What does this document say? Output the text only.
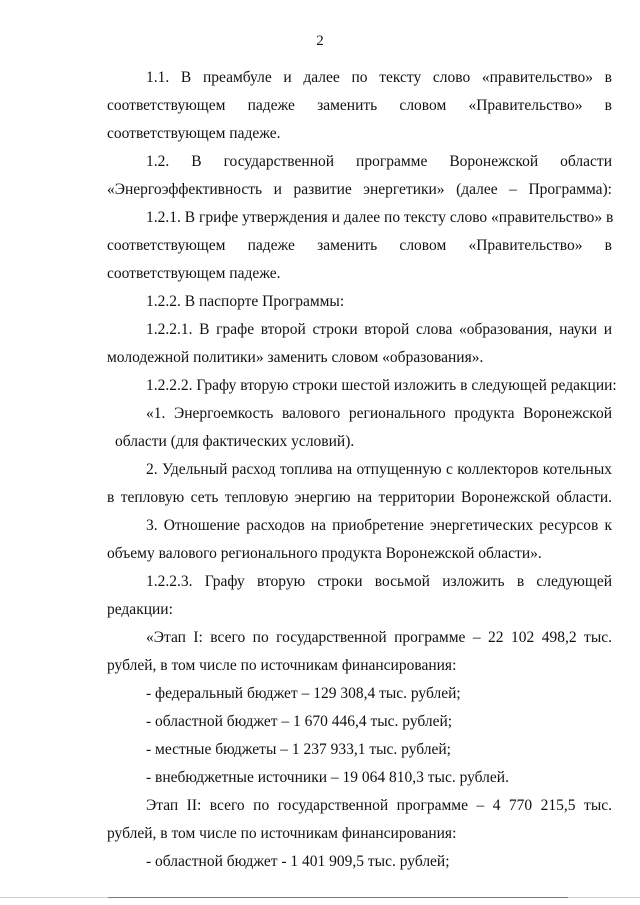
2
1.1. В преамбуле и далее по тексту слово «правительство» в
соответствующем падеже заменить словом «Правительство» в
соответствующем падеже.
1.2. В государственной программе Воронежской области
«Энергоэффективность и развитие энергетики» (далее – Программа):
1.2.1. В грифе утверждения и далее по тексту слово «правительство» в
соответствующем падеже заменить словом «Правительство» в
соответствующем падеже.
1.2.2. В паспорте Программы:
1.2.2.1. В графе второй строки второй слова «образования, науки и
молодежной политики» заменить словом «образования».
1.2.2.2. Графу вторую строки шестой изложить в следующей редакции:
«1. Энергоемкость валового регионального продукта Воронежской
области (для фактических условий).
2. Удельный расход топлива на отпущенную с коллекторов котельных
в тепловую сеть тепловую энергию на территории Воронежской области.
3. Отношение расходов на приобретение энергетических ресурсов к
объему валового регионального продукта Воронежской области».
1.2.2.3. Графу вторую строки восьмой изложить в следующей
редакции:
«Этап I: всего по государственной программе – 22 102 498,2 тыс.
рублей, в том числе по источникам финансирования:
- федеральный бюджет – 129 308,4 тыс. рублей;
- областной бюджет – 1 670 446,4 тыс. рублей;
- местные бюджеты – 1 237 933,1 тыс. рублей;
- внебюджетные источники – 19 064 810,3 тыс. рублей.
Этап II: всего по государственной программе – 4 770 215,5 тыс.
рублей, в том числе по источникам финансирования:
- областной бюджет - 1 401 909,5 тыс. рублей;
